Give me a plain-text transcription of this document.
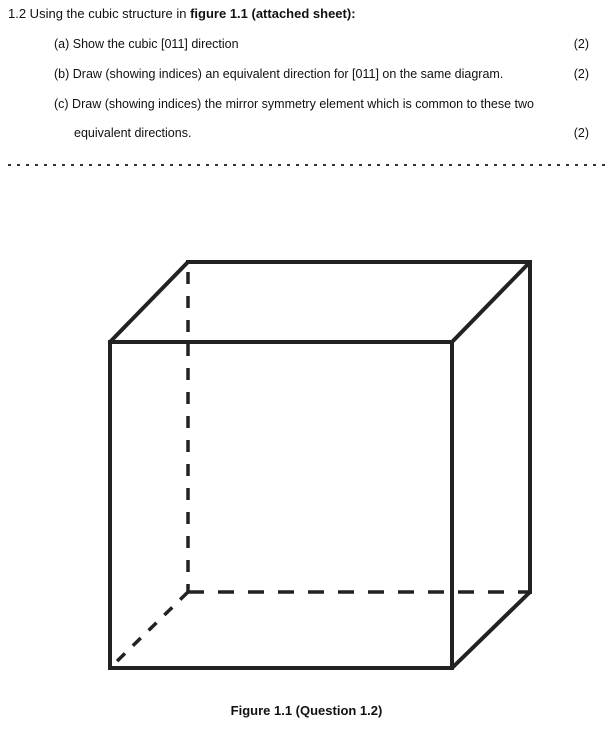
1.2 Using the cubic structure in figure 1.1 (attached sheet):
(a) Show the cubic [011] direction	(2)
(b) Draw (showing indices) an equivalent direction for [011] on the same diagram.	(2)
(c) Draw (showing indices) the mirror symmetry element which is common to these two
equivalent directions.	(2)
Figure 1.1 (Question 1.2)
